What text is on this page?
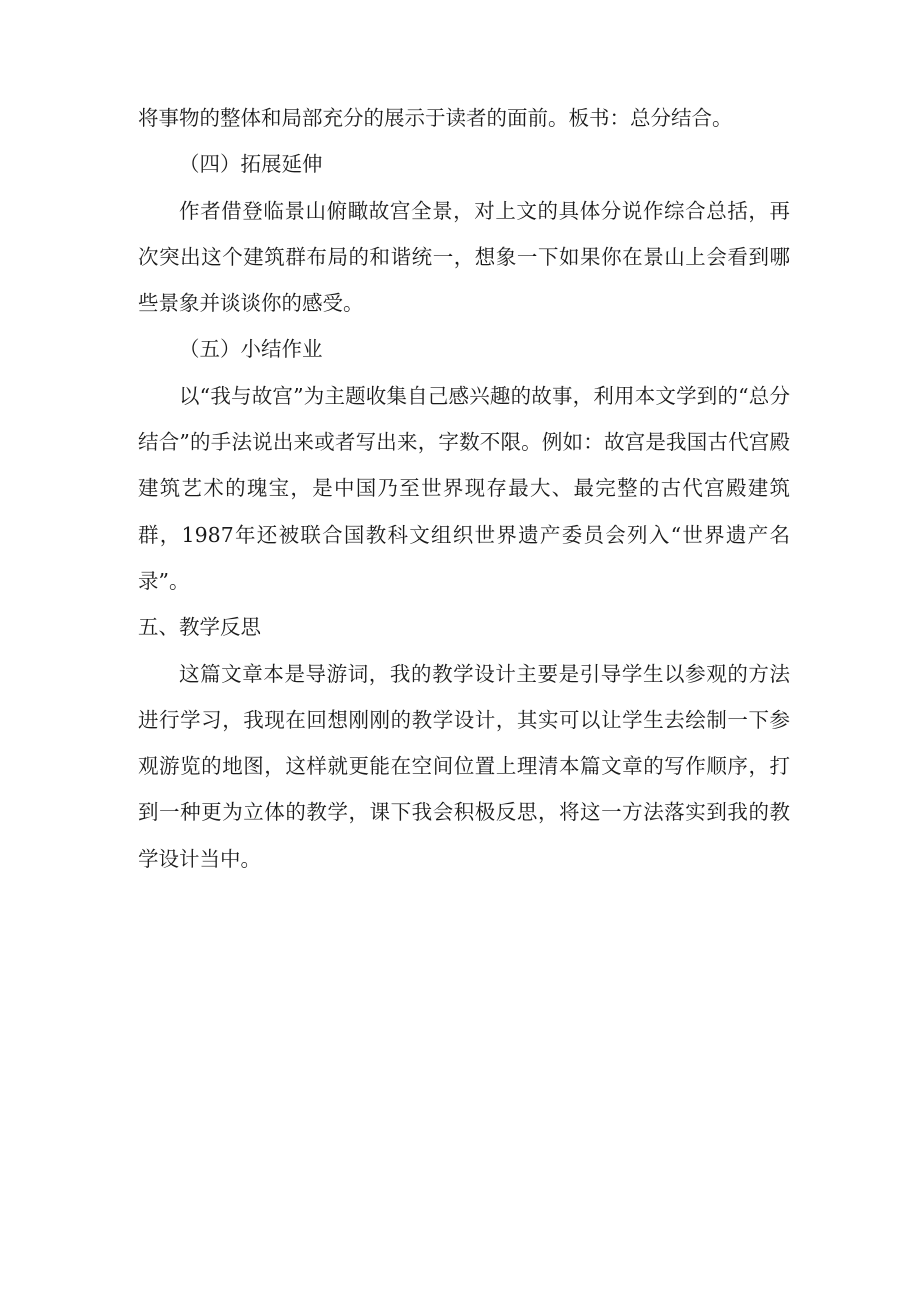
将事物的整体和局部充分的展示于读者的面前。板书：总分结合。

（四）拓展延伸

作者借登临景山俯瞰故宫全景，对上文的具体分说作综合总括，再次突出这个建筑群布局的和谐统一，想象一下如果你在景山上会看到哪些景象并谈谈你的感受。

（五）小结作业

以“我与故宫”为主题收集自己感兴趣的故事，利用本文学到的“总分结合”的手法说出来或者写出来，字数不限。例如：故宫是我国古代宫殿建筑艺术的瑰宝，是中国乃至世界现存最大、最完整的古代宫殿建筑群，1987年还被联合国教科文组织世界遗产委员会列入“世界遗产名录”。

五、教学反思

这篇文章本是导游词，我的教学设计主要是引导学生以参观的方法进行学习，我现在回想刚刚的教学设计，其实可以让学生去绘制一下参观游览的地图，这样就更能在空间位置上理清本篇文章的写作顺序，打到一种更为立体的教学，课下我会积极反思，将这一方法落实到我的教学设计当中。
